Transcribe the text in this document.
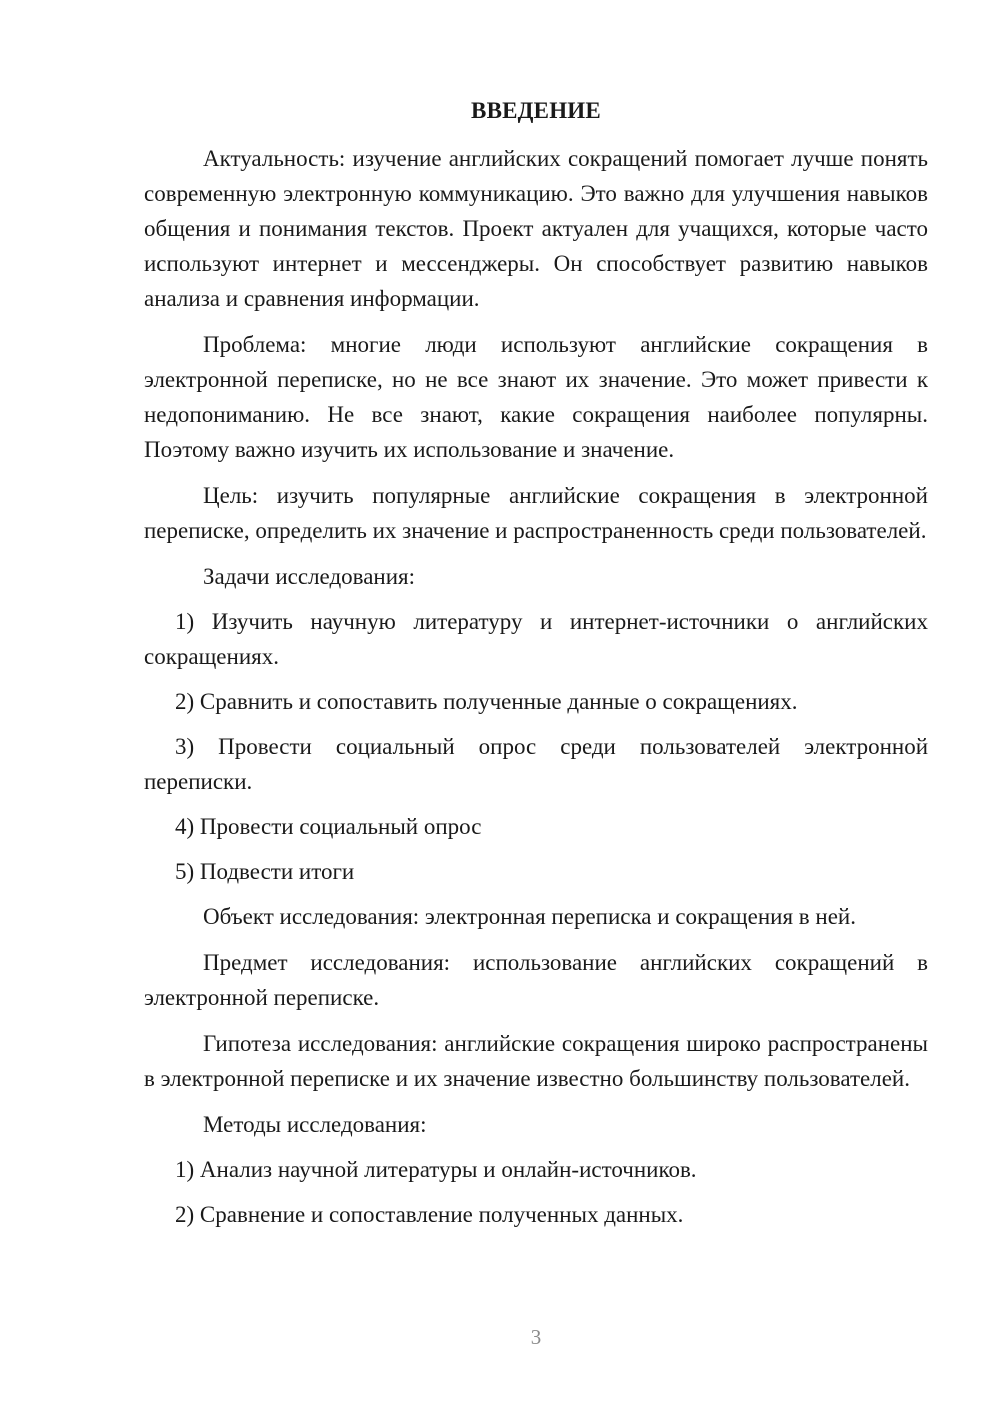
ВВЕДЕНИЕ

Актуальность: изучение английских сокращений помогает лучше понять современную электронную коммуникацию. Это важно для улучшения навыков общения и понимания текстов. Проект актуален для учащихся, которые часто используют интернет и мессенджеры. Он способствует развитию навыков анализа и сравнения информации.

Проблема: многие люди используют английские сокращения в электронной переписке, но не все знают их значение. Это может привести к недопониманию. Не все знают, какие сокращения наиболее популярны. Поэтому важно изучить их использование и значение.

Цель: изучить популярные английские сокращения в электронной переписке, определить их значение и распространенность среди пользователей.

Задачи исследования:

1) Изучить научную литературу и интернет-источники о английских сокращениях.

2) Сравнить и сопоставить полученные данные о сокращениях.

3) Провести социальный опрос среди пользователей электронной переписки.

4) Провести социальный опрос

5) Подвести итоги

Объект исследования: электронная переписка и сокращения в ней.

Предмет исследования: использование английских сокращений в электронной переписке.

Гипотеза исследования: английские сокращения широко распространены в электронной переписке и их значение известно большинству пользователей.

Методы исследования:

1) Анализ научной литературы и онлайн-источников.

2) Сравнение и сопоставление полученных данных.

3
